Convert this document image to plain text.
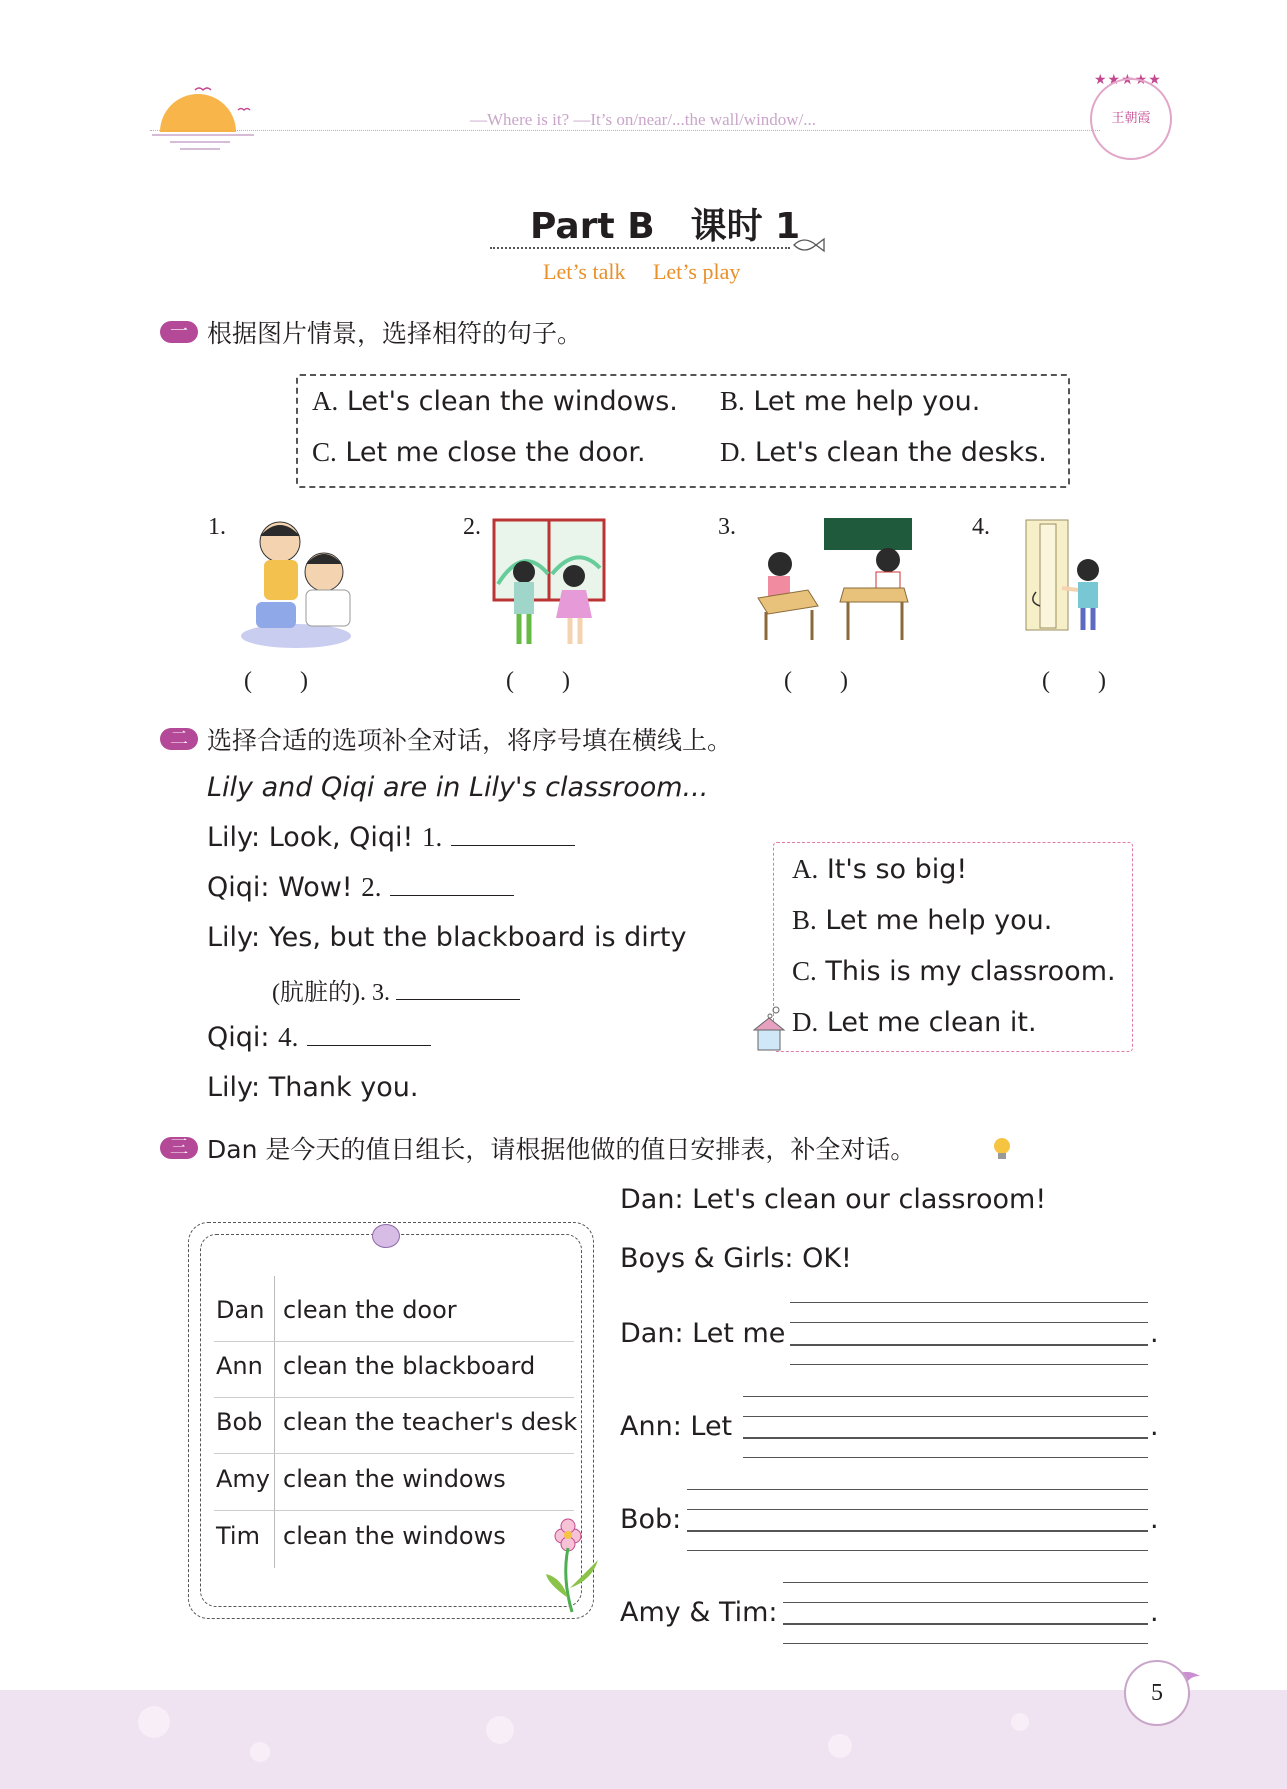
—Where is it? —It’s on/near/...the wall/window/...
★★★★★
王朝霞
Part B　课时 1
Let’s talk　 Let’s play
一 根据图片情景，选择相符的句子。
A. Let's clean the windows. B. Let me help you.
C. Let me close the door.	D. Let's clean the desks.
1.
(　　)
2.
(　　)
3.
(　　)
4.
(　　)
二 选择合适的选项补全对话，将序号填在横线上。
Lily and Qiqi are in Lily's classroom...
Lily: Look, Qiqi! 1.
Qiqi: Wow! 2.
Lily: Yes, but the blackboard is dirty
(肮脏的). 3.
Qiqi: 4.
Lily: Thank you.
A. It's so big!
B. Let me help you.
C. This is my classroom.
D. Let me clean it.
三 Dan 是今天的值日组长，请根据他做的值日安排表，补全对话。
Dan clean the door
Ann clean the blackboard
Bob clean the teacher's desk
Amy clean the windows
Tim clean the windows
Dan: Let's clean our classroom!
Boys & Girls: OK!
Dan: Let me	.
Ann: Let	.
Bob:	.
Amy & Tim:	.
5
